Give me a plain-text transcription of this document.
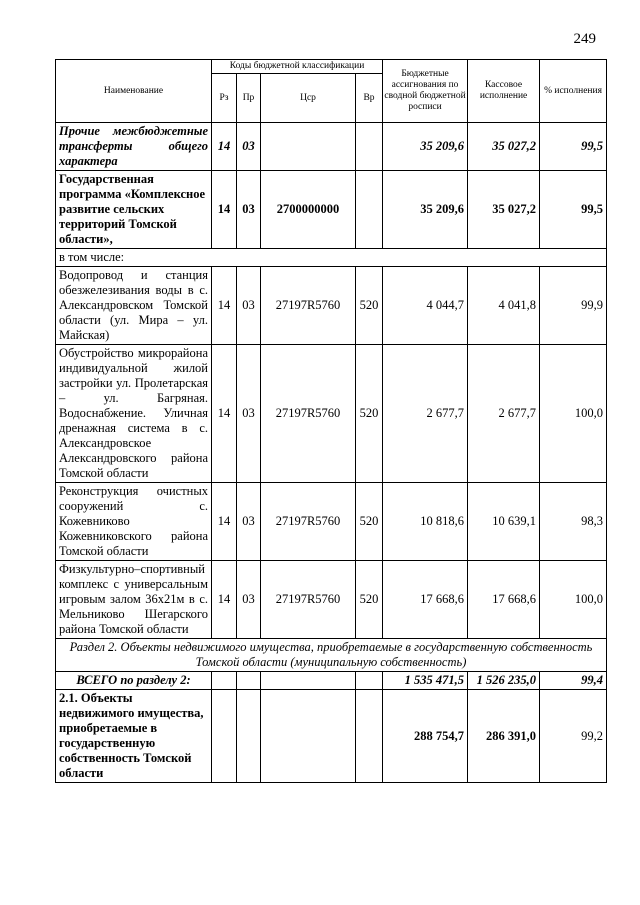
249
Наименование	Коды бюджетной классификации				Бюджетные ассигнования по сводной бюджетной росписи	Кассовое исполнение	% исполнения
	Рз	Пр	Цср	Вр			
Прочие межбюджетные трансферты общего характера	14	03			35 209,6	35 027,2	99,5
Государственная программа «Комплексное развитие сельских территорий Томской области»,	14	03	2700000000		35 209,6	35 027,2	99,5
в том числе:							
Водопровод и станция обезжелезивания воды в с. Александровском Томской области (ул. Мира – ул. Майская)	14	03	27197R5760	520	4 044,7	4 041,8	99,9
Обустройство микрорайона индивидуальной жилой застройки ул. Пролетарская – ул. Багряная. Водоснабжение. Уличная дренажная система в с. Александровское Александровского района Томской области	14	03	27197R5760	520	2 677,7	2 677,7	100,0
Реконструкция очистных сооружений с. Кожевниково Кожевниковского района Томской области	14	03	27197R5760	520	10 818,6	10 639,1	98,3
Физкультурно–спортивный комплекс с универсальным игровым залом 36х21м в с. Мельниково Шегарского района Томской области	14	03	27197R5760	520	17 668,6	17 668,6	100,0
Раздел 2. Объекты недвижимого имущества, приобретаемые в государственную собственность Томской области (муниципальную собственность)							
ВСЕГО по разделу 2:					1 535 471,5	1 526 235,0	99,4
2.1. Объекты недвижимого имущества, приобретаемые в государственную собственность Томской области					288 754,7	286 391,0	99,2
